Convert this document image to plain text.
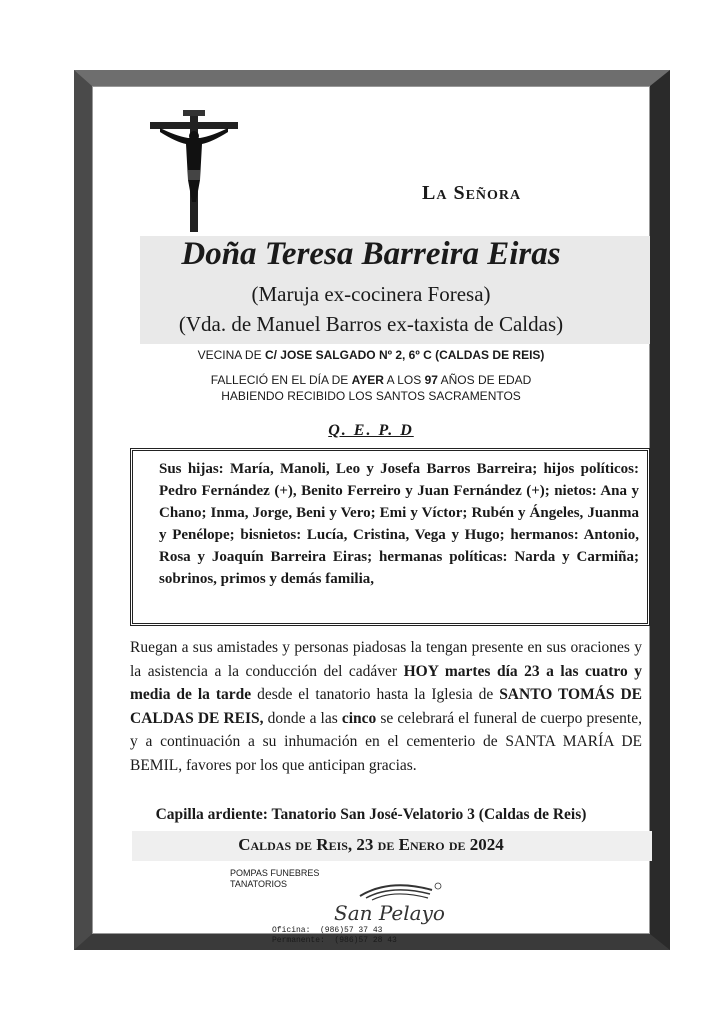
La Señora
Doña Teresa Barreira Eiras
(Maruja ex-cocinera Foresa)
(Vda. de Manuel Barros ex-taxista de Caldas)
VECINA DE C/ JOSE SALGADO Nº 2, 6º C (CALDAS DE REIS)
FALLECIÓ EN EL DÍA DE AYER A LOS 97 AÑOS DE EDAD
HABIENDO RECIBIDO LOS SANTOS SACRAMENTOS
Q. E. P. D
Sus hijas: María, Manoli, Leo y Josefa Barros Barreira; hijos políticos: Pedro Fernández (+), Benito Ferreiro y Juan Fernández (+); nietos: Ana y Chano; Inma, Jorge, Beni y Vero; Emi y Víctor; Rubén y Ángeles, Juanma y Penélope; bisnietos: Lucía, Cristina, Vega y Hugo; hermanos: Antonio, Rosa y Joaquín Barreira Eiras; hermanas políticas: Narda y Carmiña; sobrinos, primos y demás familia,
Ruegan a sus amistades y personas piadosas la tengan presente en sus oraciones y la asistencia a la conducción del cadáver HOY martes día 23 a las cuatro y media de la tarde desde el tanatorio hasta la Iglesia de SANTO TOMÁS DE CALDAS DE REIS, donde a las cinco se celebrará el funeral de cuerpo presente, y a continuación a su inhumación en el cementerio de SANTA MARÍA DE BEMIL, favores por los que anticipan gracias.
Capilla ardiente: Tanatorio San José-Velatorio 3 (Caldas de Reis)
Caldas de Reis, 23 de Enero de 2024
POMPAS FUNEBRES
TANATORIOS
San Pelayo
Oficina:  (986)57 37 43
Permanente:  (986)57 28 43
